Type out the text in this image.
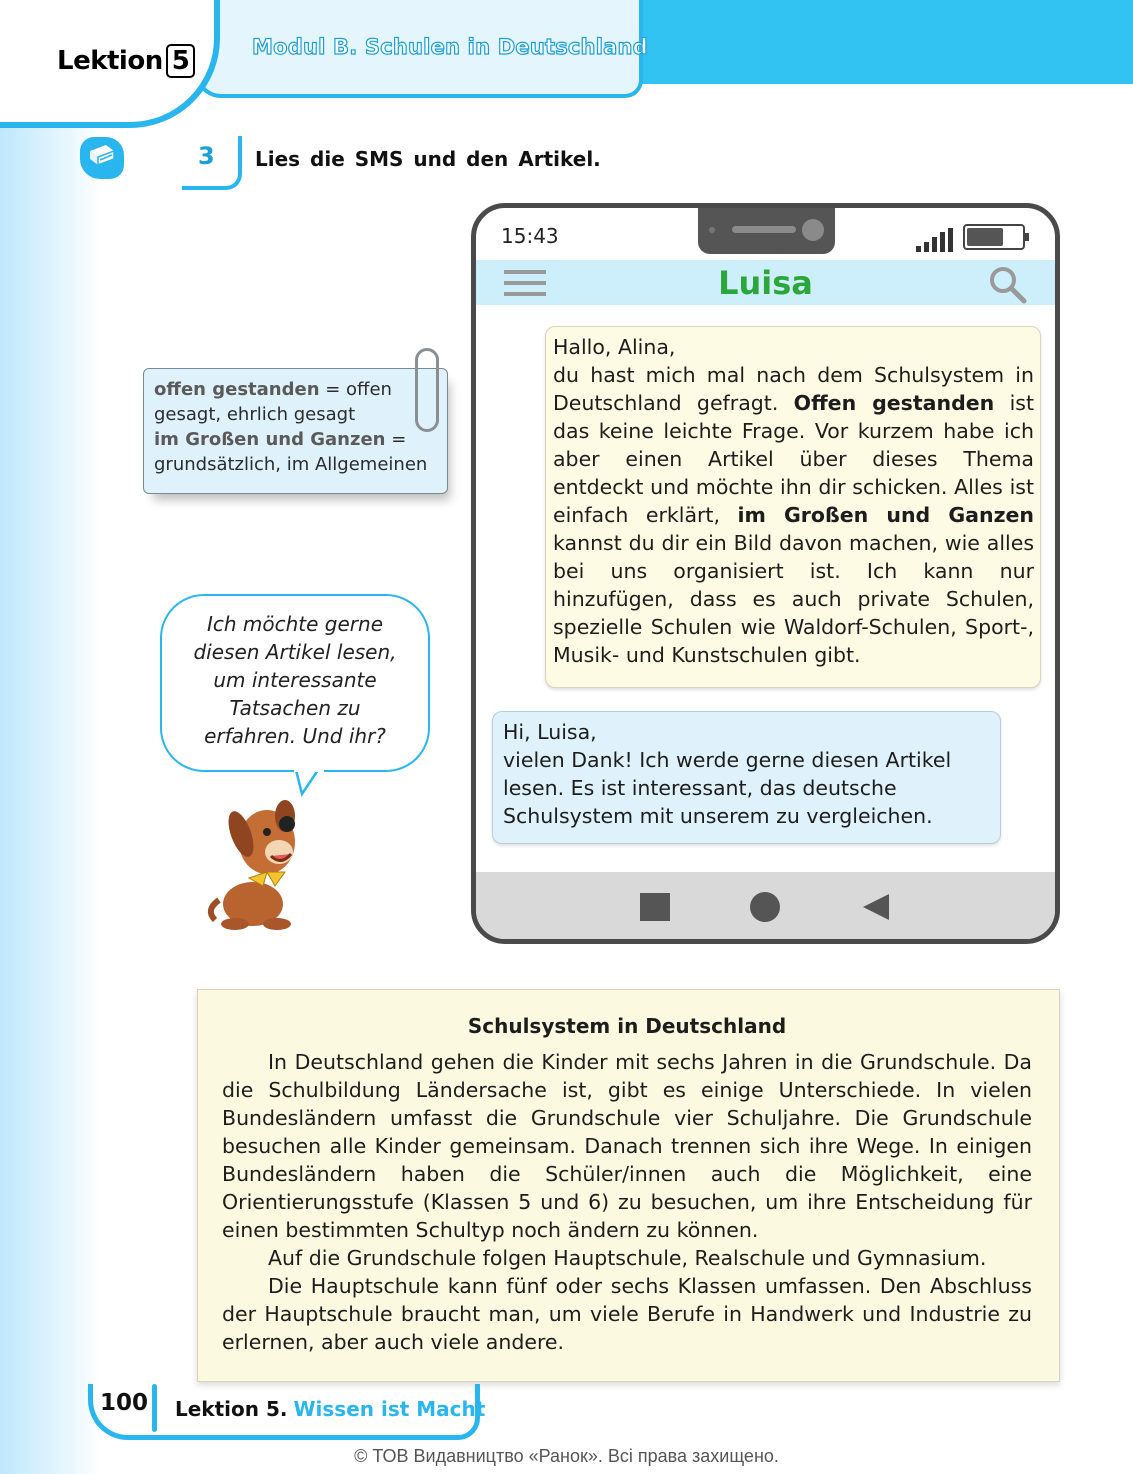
Lektion 5	Modul B. Schulen in Deutschland
3 Lies die SMS und den Artikel.
offen gestanden = offen gesagt, ehrlich gesagt
im Großen und Ganzen = grundsätzlich, im Allgemeinen
Ich möchte gerne
diesen Artikel lesen,
um interessante
Tatsachen zu
erfahren. Und ihr?
15:43
Luisa
Hallo, Alina,
du hast mich mal nach dem Schulsystem in Deutschland gefragt. Offen gestanden ist das keine leichte Frage. Vor kurzem habe ich aber einen Artikel über dieses Thema entdeckt und möchte ihn dir schicken. Alles ist einfach erklärt, im Großen und Ganzen kannst du dir ein Bild davon machen, wie alles bei uns organisiert ist. Ich kann nur hinzufügen, dass es auch private Schulen, spezielle Schulen wie Waldorf-Schulen, Sport-, Musik- und Kunstschulen gibt.
Hi, Luisa,
vielen Dank! Ich werde gerne diesen Artikel lesen. Es ist interessant, das deutsche Schulsystem mit unserem zu vergleichen.
Schulsystem in Deutschland

In Deutschland gehen die Kinder mit sechs Jahren in die Grundschule. Da die Schulbildung Ländersache ist, gibt es einige Unterschiede. In vielen Bundesländern umfasst die Grundschule vier Schuljahre. Die Grundschule besuchen alle Kinder gemeinsam. Danach trennen sich ihre Wege. In einigen Bundesländern haben die Schüler/innen auch die Möglichkeit, eine Orientierungsstufe (Klassen 5 und 6) zu besuchen, um ihre Entscheidung für einen bestimmten Schultyp noch ändern zu können.

Auf die Grundschule folgen Hauptschule, Realschule und Gymnasium.

Die Hauptschule kann fünf oder sechs Klassen umfassen. Den Abschluss der Hauptschule braucht man, um viele Berufe in Handwerk und Industrie zu erlernen, aber auch viele andere.

100 Lektion 5. Wissen ist Macht
© ТОВ Видавництво «Ранок». Всі права захищено.
